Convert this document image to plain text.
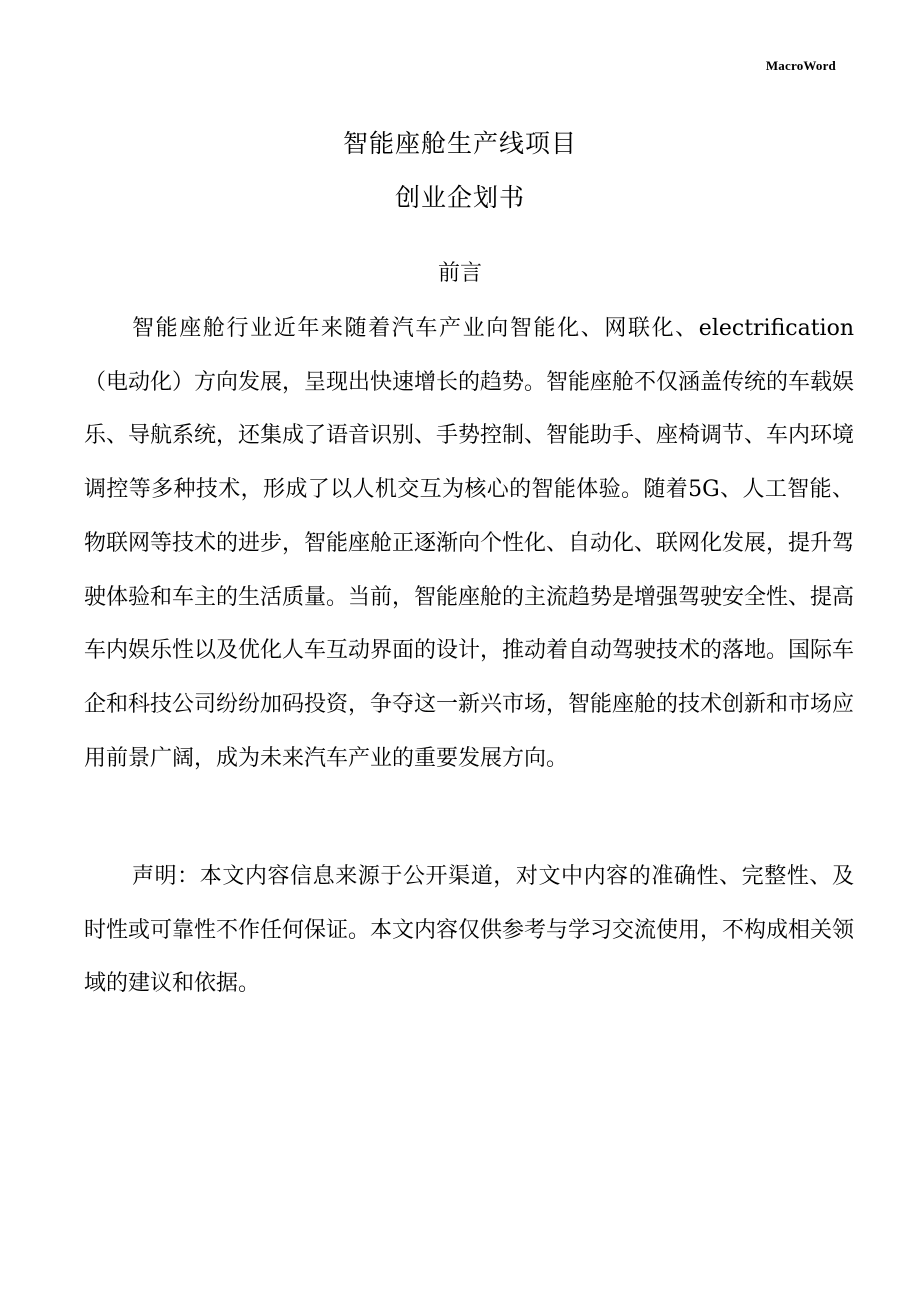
MacroWord
智能座舱生产线项目
创业企划书
前言

智能座舱行业近年来随着汽车产业向智能化、网联化、electrification（电动化）方向发展，呈现出快速增长的趋势。智能座舱不仅涵盖传统的车载娱乐、导航系统，还集成了语音识别、手势控制、智能助手、座椅调节、车内环境调控等多种技术，形成了以人机交互为核心的智能体验。随着5G、人工智能、物联网等技术的进步，智能座舱正逐渐向个性化、自动化、联网化发展，提升驾驶体验和车主的生活质量。当前，智能座舱的主流趋势是增强驾驶安全性、提高车内娱乐性以及优化人车互动界面的设计，推动着自动驾驶技术的落地。国际车企和科技公司纷纷加码投资，争夺这一新兴市场，智能座舱的技术创新和市场应用前景广阔，成为未来汽车产业的重要发展方向。

声明：本文内容信息来源于公开渠道，对文中内容的准确性、完整性、及时性或可靠性不作任何保证。本文内容仅供参考与学习交流使用，不构成相关领域的建议和依据。
